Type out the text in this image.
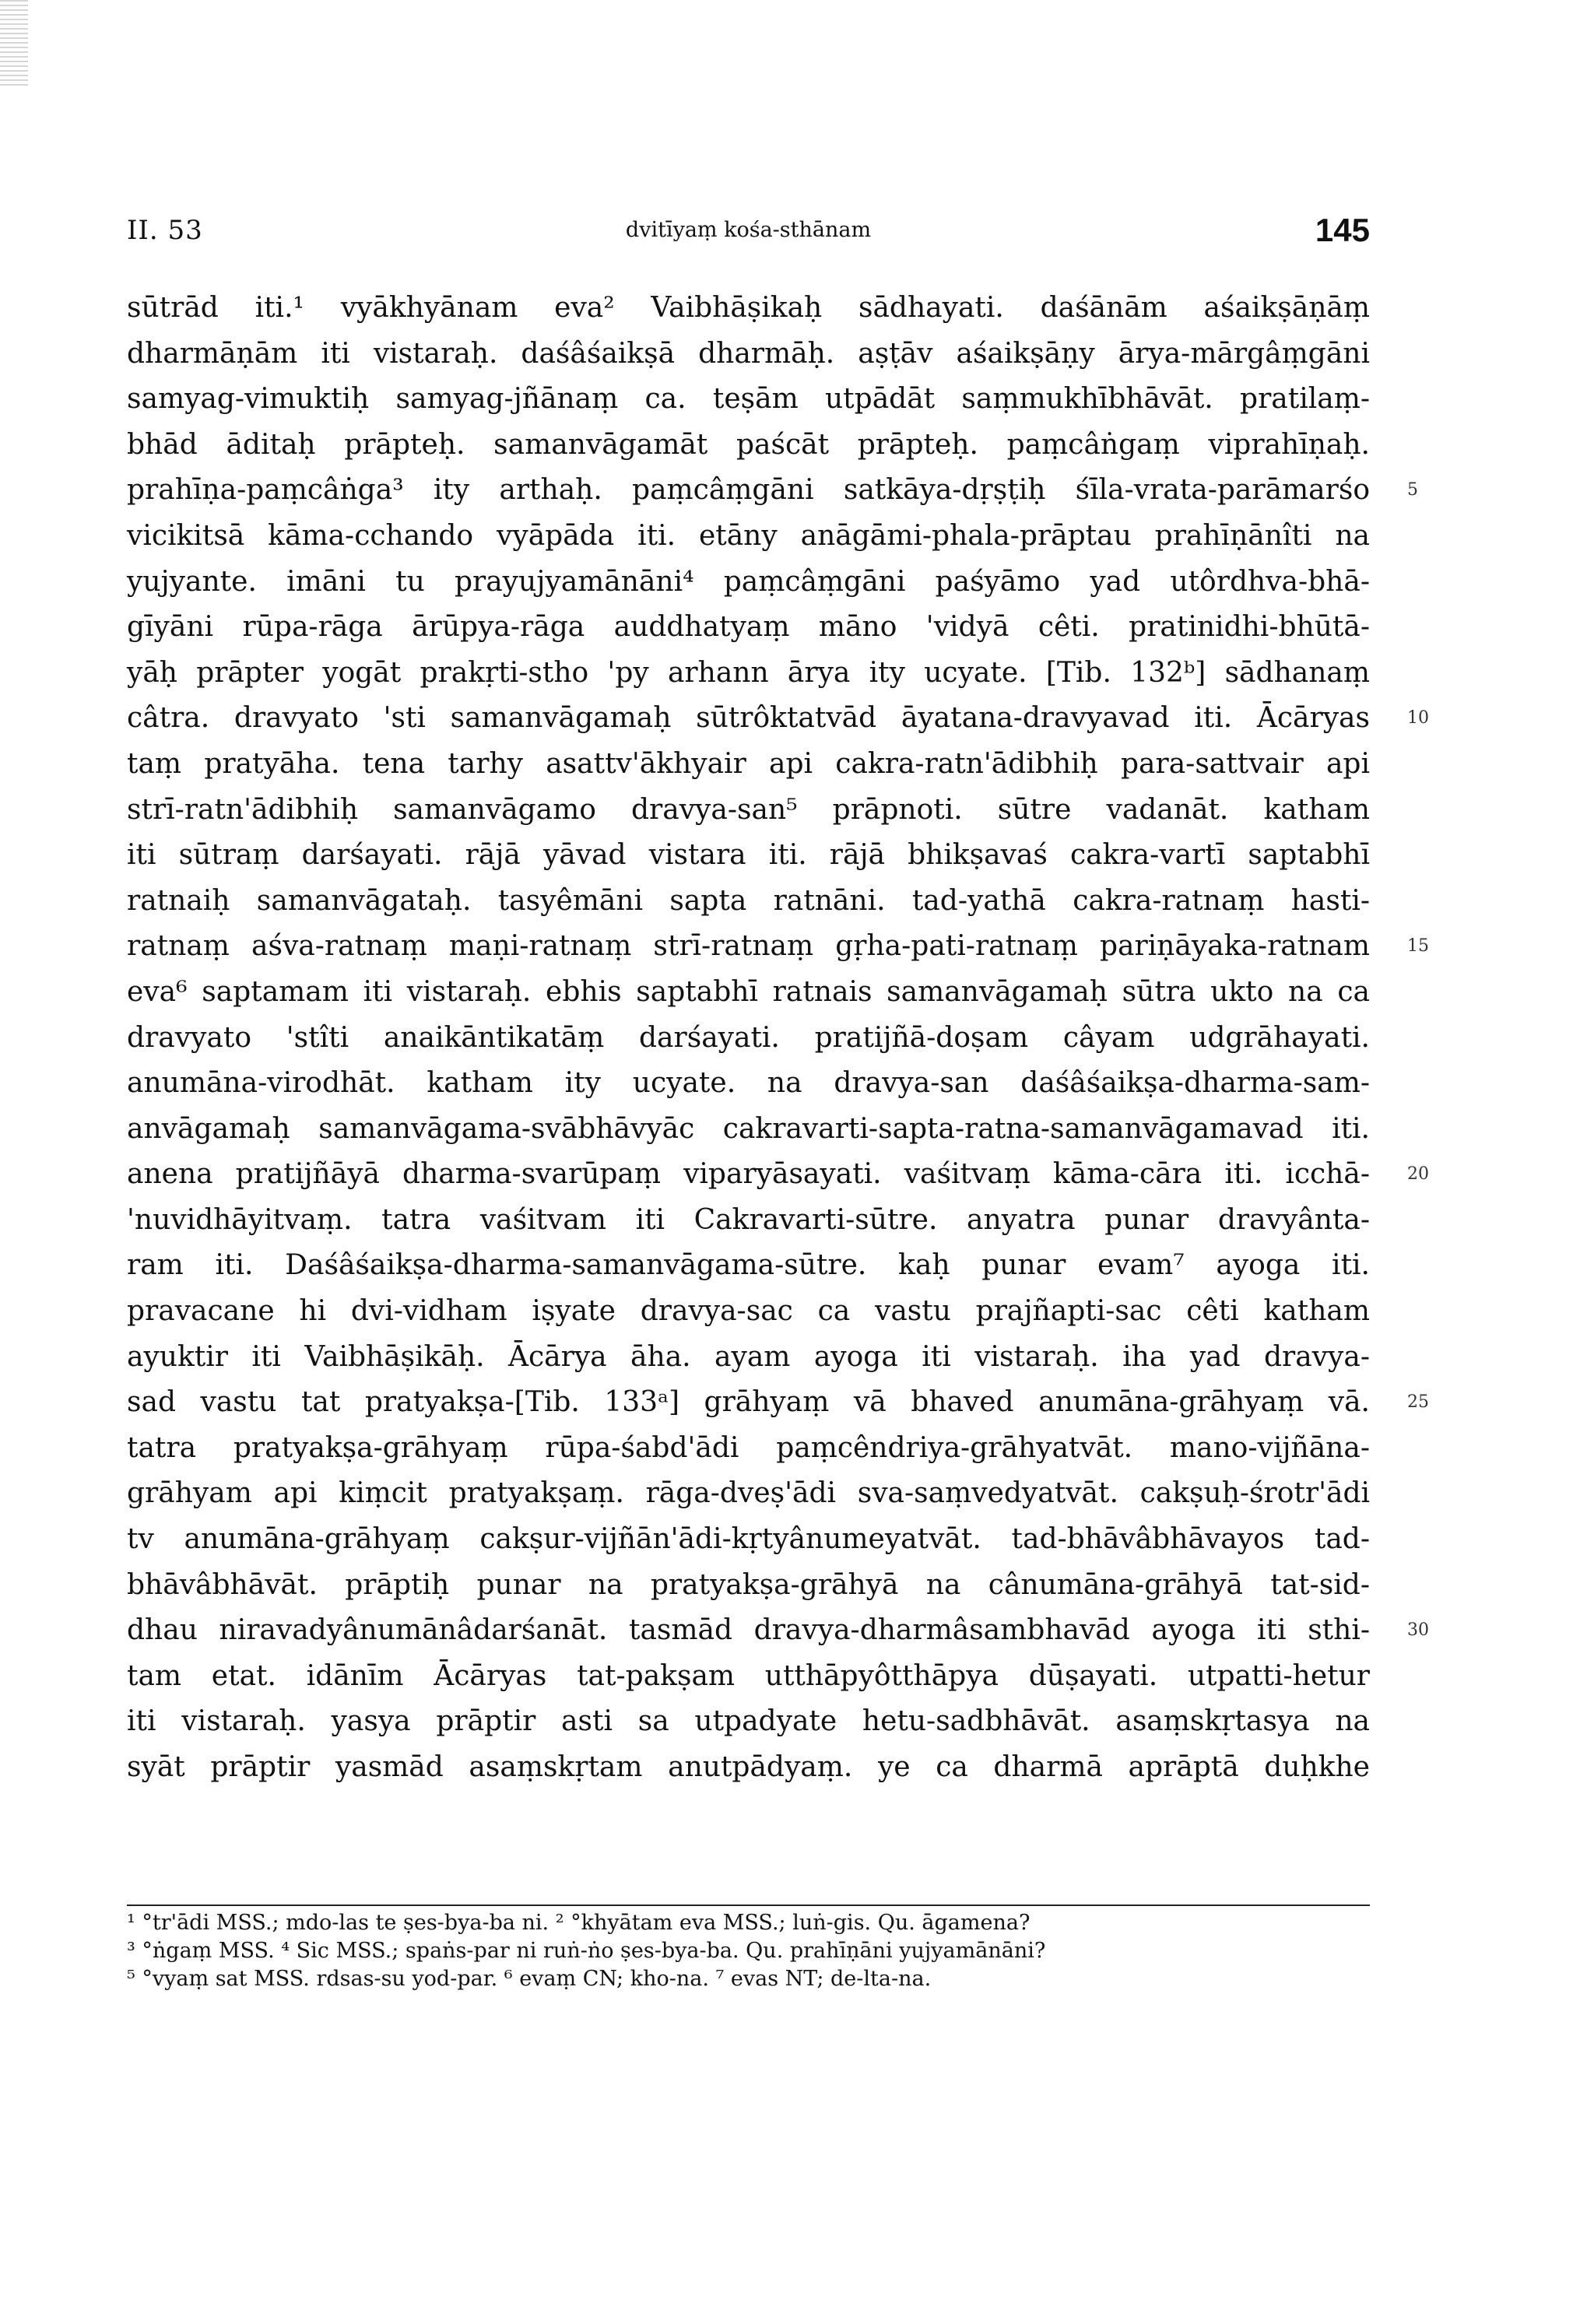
II. 53	dvitīyaṃ kośa-sthānam	145
sūtrād iti.¹ vyākhyānam eva² Vaibhāṣikaḥ sādhayati. daśānām aśaikṣāṇāṃ
dharmāṇām iti vistaraḥ. daśâśaikṣā dharmāḥ. aṣṭāv aśaikṣāṇy ārya-mārgâṃgāni
samyag-vimuktiḥ samyag-jñānaṃ ca. teṣām utpādāt saṃmukhībhāvāt. pratilaṃ-
bhād āditaḥ prāpteḥ. samanvāgamāt paścāt prāpteḥ. paṃcâṅgaṃ viprahīṇaḥ.
prahīṇa-paṃcâṅga³ ity arthaḥ. paṃcâṃgāni satkāya-dṛṣṭiḥ śīla-vrata-parāmarśo 5
vicikitsā kāma-cchando vyāpāda iti. etāny anāgāmi-phala-prāptau prahīṇānîti na
yujyante. imāni tu prayujyamānāni⁴ paṃcâṃgāni paśyāmo yad utôrdhva-bhā-
gīyāni rūpa-rāga ārūpya-rāga auddhatyaṃ māno 'vidyā cêti. pratinidhi-bhūtā-
yāḥ prāpter yogāt prakṛti-stho 'py arhann ārya ity ucyate. [Tib. 132ᵇ] sādhanaṃ
câtra. dravyato 'sti samanvāgamaḥ sūtrôktatvād āyatana-dravyavad iti. Ācāryas 10
taṃ pratyāha. tena tarhy asattv'ākhyair api cakra-ratn'ādibhiḥ para-sattvair api
strī-ratn'ādibhiḥ samanvāgamo dravya-san⁵ prāpnoti. sūtre vadanāt. katham
iti sūtraṃ darśayati. rājā yāvad vistara iti. rājā bhikṣavaś cakra-vartī saptabhī
ratnaiḥ samanvāgataḥ. tasyêmāni sapta ratnāni. tad-yathā cakra-ratnaṃ hasti-
ratnaṃ aśva-ratnaṃ maṇi-ratnaṃ strī-ratnaṃ gṛha-pati-ratnaṃ pariṇāyaka-ratnam 15
eva⁶ saptamam iti vistaraḥ. ebhis saptabhī ratnais samanvāgamaḥ sūtra ukto na ca
dravyato 'stîti anaikāntikatāṃ darśayati. pratijñā-doṣam câyam udgrāhayati.
anumāna-virodhāt. katham ity ucyate. na dravya-san daśâśaikṣa-dharma-sam-
anvāgamaḥ samanvāgama-svābhāvyāc cakravarti-sapta-ratna-samanvāgamavad iti.
anena pratijñāyā dharma-svarūpaṃ viparyāsayati. vaśitvaṃ kāma-cāra iti. icchā- 20
'nuvidhāyitvaṃ. tatra vaśitvam iti Cakravarti-sūtre. anyatra punar dravyânta-
ram iti. Daśâśaikṣa-dharma-samanvāgama-sūtre. kaḥ punar evam⁷ ayoga iti.
pravacane hi dvi-vidham iṣyate dravya-sac ca vastu prajñapti-sac cêti katham
ayuktir iti Vaibhāṣikāḥ. Ācārya āha. ayam ayoga iti vistaraḥ. iha yad dravya-
sad vastu tat pratyakṣa-[Tib. 133ᵃ] grāhyaṃ vā bhaved anumāna-grāhyaṃ vā. 25
tatra pratyakṣa-grāhyaṃ rūpa-śabd'ādi paṃcêndriya-grāhyatvāt. mano-vijñāna-
grāhyam api kiṃcit pratyakṣaṃ. rāga-dveṣ'ādi sva-saṃvedyatvāt. cakṣuḥ-śrotr'ādi
tv anumāna-grāhyaṃ cakṣur-vijñān'ādi-kṛtyânumeyatvāt. tad-bhāvâbhāvayos tad-
bhāvâbhāvāt. prāptiḥ punar na pratyakṣa-grāhyā na cânumāna-grāhyā tat-sid-
dhau niravadyânumānâdarśanāt. tasmād dravya-dharmâsambhavād ayoga iti sthi- 30
tam etat. idānīm Ācāryas tat-pakṣam utthāpyôtthāpya dūṣayati. utpatti-hetur
iti vistaraḥ. yasya prāptir asti sa utpadyate hetu-sadbhāvāt. asaṃskṛtasya na
syāt prāptir yasmād asaṃskṛtam anutpādyaṃ. ye ca dharmā aprāptā duḥkhe
¹ °tr'ādi MSS.; mdo-las te ṣes-bya-ba ni. ² °khyātam eva MSS.; luṅ-gis. Qu. āgamena?
³ °ṅgaṃ MSS. ⁴ Sic MSS.; spaṅs-par ni ruṅ-ṅo ṣes-bya-ba. Qu. prahīṇāni yujyamānāni?
⁵ °vyaṃ sat MSS. rdsas-su yod-par. ⁶ evaṃ CN; kho-na. ⁷ evas NT; de-lta-na.
